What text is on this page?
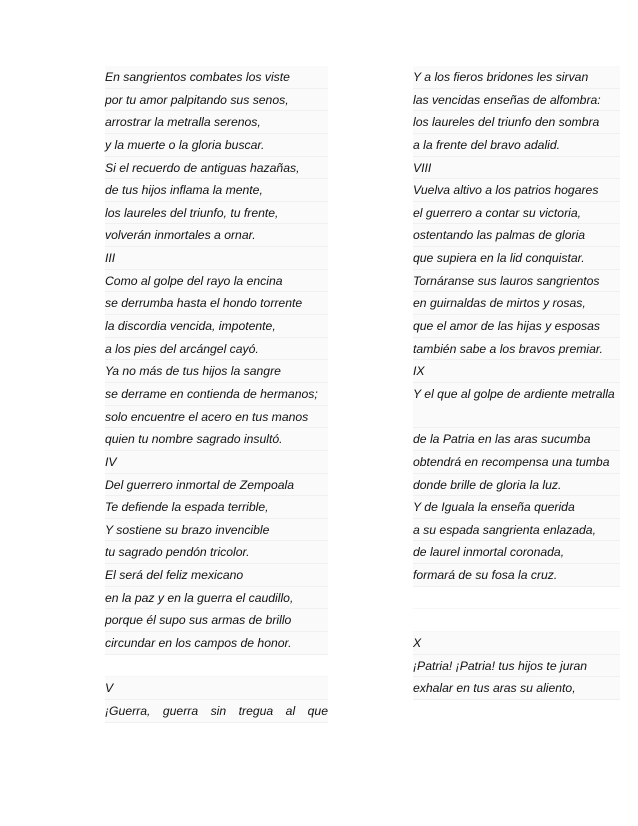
En sangrientos combates los viste
por tu amor palpitando sus senos,
arrostrar la metralla serenos,
y la muerte o la gloria buscar.
Si el recuerdo de antiguas hazañas,
de tus hijos inflama la mente,
los laureles del triunfo, tu frente,
volverán inmortales a ornar.
III
Como al golpe del rayo la encina
se derrumba hasta el hondo torrente
la discordia vencida, impotente,
a los pies del arcángel cayó.
Ya no más de tus hijos la sangre
se derrame en contienda de hermanos;
solo encuentre el acero en tus manos
quien tu nombre sagrado insultó.
IV
Del guerrero inmortal de Zempoala
Te defiende la espada terrible,
Y sostiene su brazo invencible
tu sagrado pendón tricolor.
El será del feliz mexicano
en la paz y en la guerra el caudillo,
porque él supo sus armas de brillo
circundar en los campos de honor.
V
¡Guerra, guerra sin tregua al que
Y a los fieros bridones les sirvan
las vencidas enseñas de alfombra:
los laureles del triunfo den sombra
a la frente del bravo adalid.
VIII
Vuelva altivo a los patrios hogares
el guerrero a contar su victoria,
ostentando las palmas de gloria
que supiera en la lid conquistar.
Tornáranse sus lauros sangrientos
en guirnaldas de mirtos y rosas,
que el amor de las hijas y esposas
también sabe a los bravos premiar.
IX
Y el que al golpe de ardiente metralla
de la Patria en las aras sucumba
obtendrá en recompensa una tumba
donde brille de gloria la luz.
Y de Iguala la enseña querida
a su espada sangrienta enlazada,
de laurel inmortal coronada,
formará de su fosa la cruz.
X
¡Patria! ¡Patria! tus hijos te juran
exhalar en tus aras su aliento,
